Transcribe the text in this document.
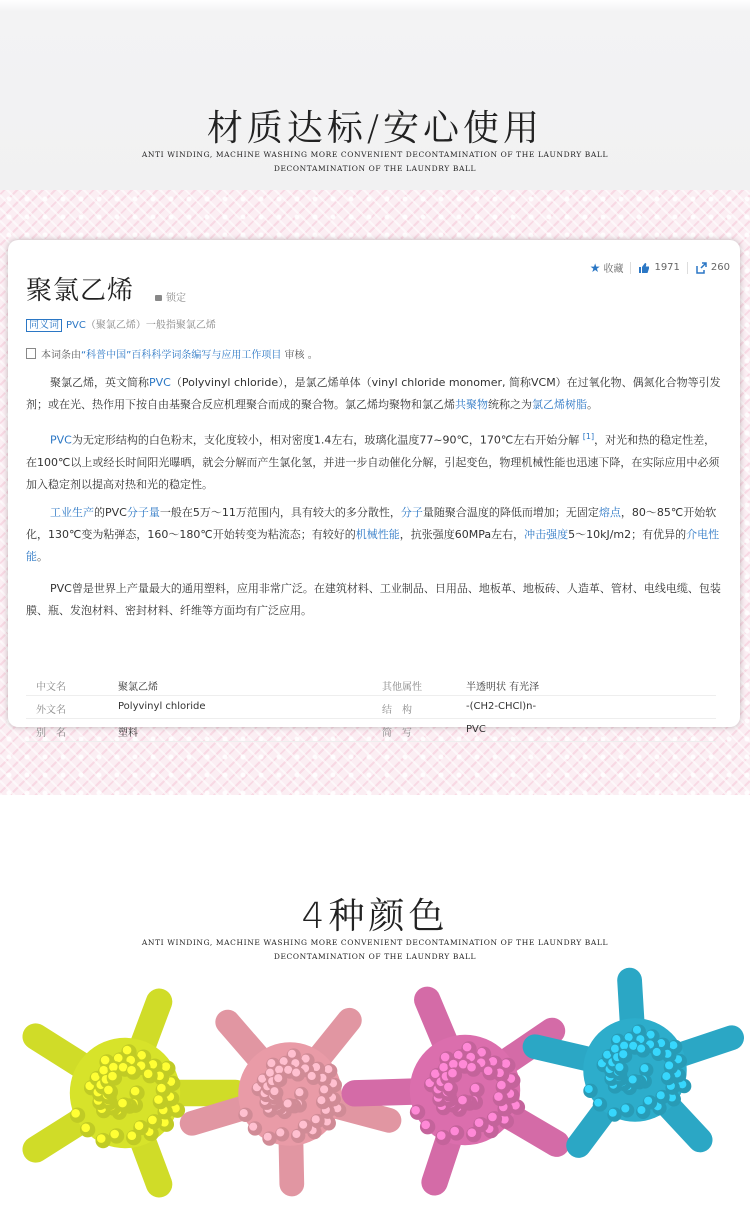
材质达标/安心使用
ANTI WINDING, MACHINE WASHING MORE CONVENIENT DECONTAMINATION OF THE LAUNDRY BALL
DECONTAMINATION OF THE LAUNDRY BALL
★ 收藏	1971	260
聚氯乙烯	锁定
同义词 PVC（聚氯乙烯）一般指聚氯乙烯
本词条由“科普中国”百科科学词条编写与应用工作项目 审核 。
聚氯乙烯，英文简称PVC（Polyvinyl chloride），是氯乙烯单体（vinyl chloride monomer, 简称VCM）在过氧化物、偶氮化合物等引发剂；或在光、热作用下按自由基聚合反应机理聚合而成的聚合物。氯乙烯均聚物和氯乙烯共聚物统称之为氯乙烯树脂。
PVC为无定形结构的白色粉末，支化度较小，相对密度1.4左右，玻璃化温度77~90℃，170℃左右开始分解 [1]，对光和热的稳定性差，在100℃以上或经长时间阳光曝晒，就会分解而产生氯化氢，并进一步自动催化分解，引起变色，物理机械性能也迅速下降，在实际应用中必须加入稳定剂以提高对热和光的稳定性。
工业生产的PVC分子量一般在5万～11万范围内，具有较大的多分散性，分子量随聚合温度的降低而增加；无固定熔点，80～85℃开始软化，130℃变为粘弹态，160～180℃开始转变为粘流态；有较好的机械性能，抗张强度60MPa左右，冲击强度5～10kJ/m2；有优异的介电性能。
PVC曾是世界上产量最大的通用塑料，应用非常广泛。在建筑材料、工业制品、日用品、地板革、地板砖、人造革、管材、电线电缆、包装膜、瓶、发泡材料、密封材料、纤维等方面均有广泛应用。
中文名	聚氯乙烯	其他属性	半透明状 有光泽
外文名	Polyvinyl chloride	结　构	-(CH2-CHCl)n-
别　名	塑料	简　写	PVC
4种颜色
ANTI WINDING, MACHINE WASHING MORE CONVENIENT DECONTAMINATION OF THE LAUNDRY BALL
DECONTAMINATION OF THE LAUNDRY BALL
